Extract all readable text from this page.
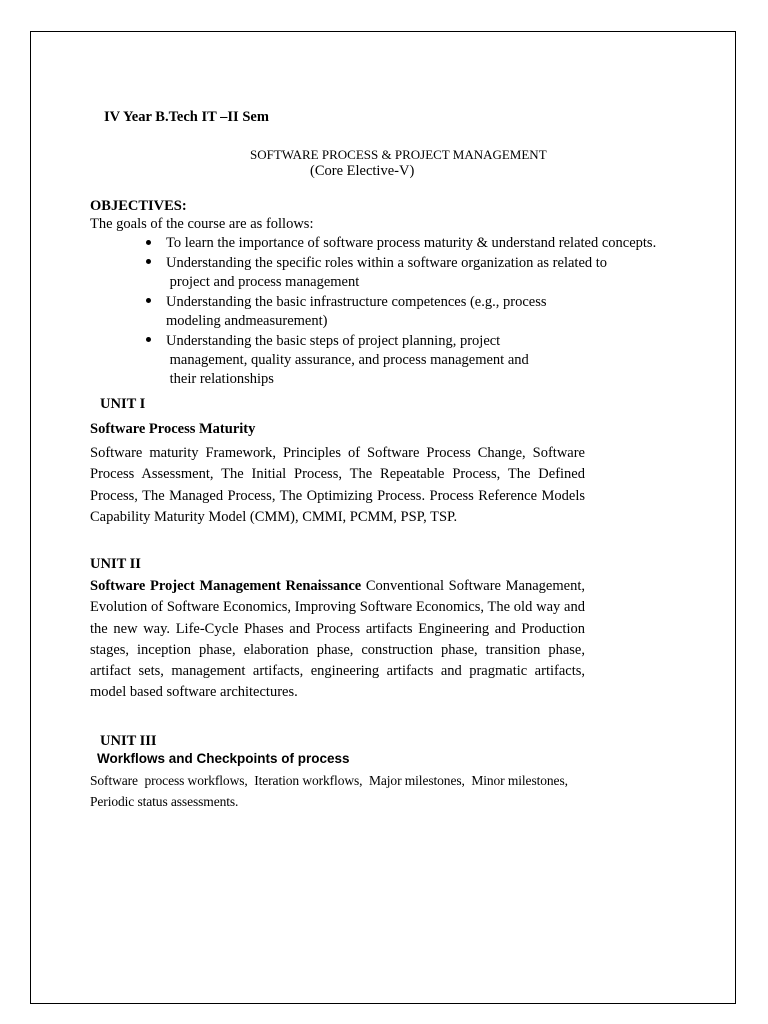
IV Year B.Tech IT –II Sem
SOFTWARE PROCESS & PROJECT MANAGEMENT
(Core Elective-V)
OBJECTIVES:
The goals of the course are as follows:
To learn the importance of software process maturity & understand related concepts.
Understanding the specific roles within a software organization as related to
project and process management
Understanding the basic infrastructure competences (e.g., process
modeling andmeasurement)
Understanding the basic steps of project planning, project
management, quality assurance, and process management and
their relationships
UNIT I
Software Process Maturity
Software maturity Framework, Principles of Software Process Change, Software Process Assessment, The Initial Process, The Repeatable Process, The Defined Process, The Managed Process, The Optimizing Process. Process Reference Models Capability Maturity Model (CMM), CMMI, PCMM, PSP, TSP.
UNIT II
Software Project Management Renaissance Conventional Software Management, Evolution of Software Economics, Improving Software Economics, The old way and the new way. Life-Cycle Phases and Process artifacts Engineering and Production stages, inception phase, elaboration phase, construction phase, transition phase, artifact sets, management artifacts, engineering artifacts and pragmatic artifacts, model based software architectures.
UNIT III
Workflows and Checkpoints of process
Software  process workflows,  Iteration workflows,  Major milestones,  Minor milestones,
Periodic status assessments.
